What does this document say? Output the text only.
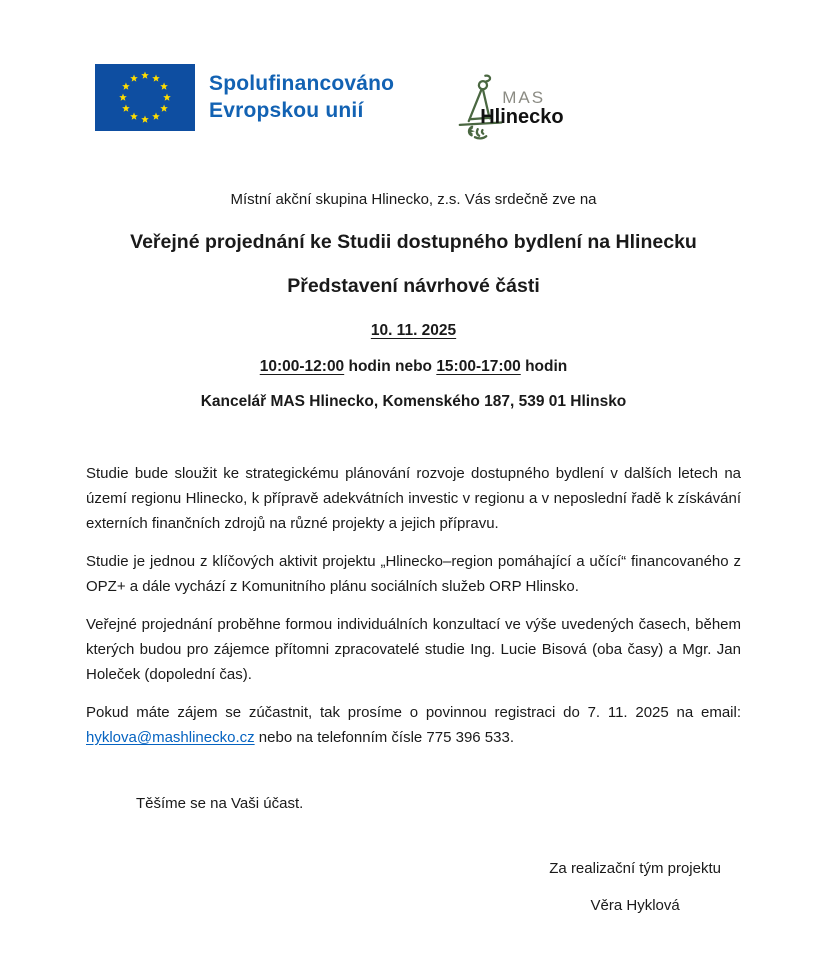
Spolufinancováno
Evropskou unií
MAS
Hlinecko
Místní akční skupina Hlinecko, z.s. Vás srdečně zve na
Veřejné projednání ke Studii dostupného bydlení na Hlinecku
Představení návrhové části
10. 11. 2025
10:00-12:00 hodin nebo 15:00-17:00 hodin
Kancelář MAS Hlinecko, Komenského 187, 539 01 Hlinsko

Studie bude sloužit ke strategickému plánování rozvoje dostupného bydlení v dalších letech na území regionu Hlinecko, k přípravě adekvátních investic v regionu a v neposlední řadě k získávání externích finančních zdrojů na různé projekty a jejich přípravu.

Studie je jednou z klíčových aktivit projektu „Hlinecko–region pomáhající a učící“ financovaného z OPZ+ a dále vychází z Komunitního plánu sociálních služeb ORP Hlinsko.

Veřejné projednání proběhne formou individuálních konzultací ve výše uvedených časech, během kterých budou pro zájemce přítomni zpracovatelé studie Ing. Lucie Bisová (oba časy) a Mgr. Jan Holeček (dopolední čas).

Pokud máte zájem se zúčastnit, tak prosíme o povinnou registraci do 7. 11. 2025 na email: hyklova@mashlinecko.cz nebo na telefonním čísle 775 396 533.

Těšíme se na Vaši účast.
Za realizační tým projektu
Věra Hyklová
